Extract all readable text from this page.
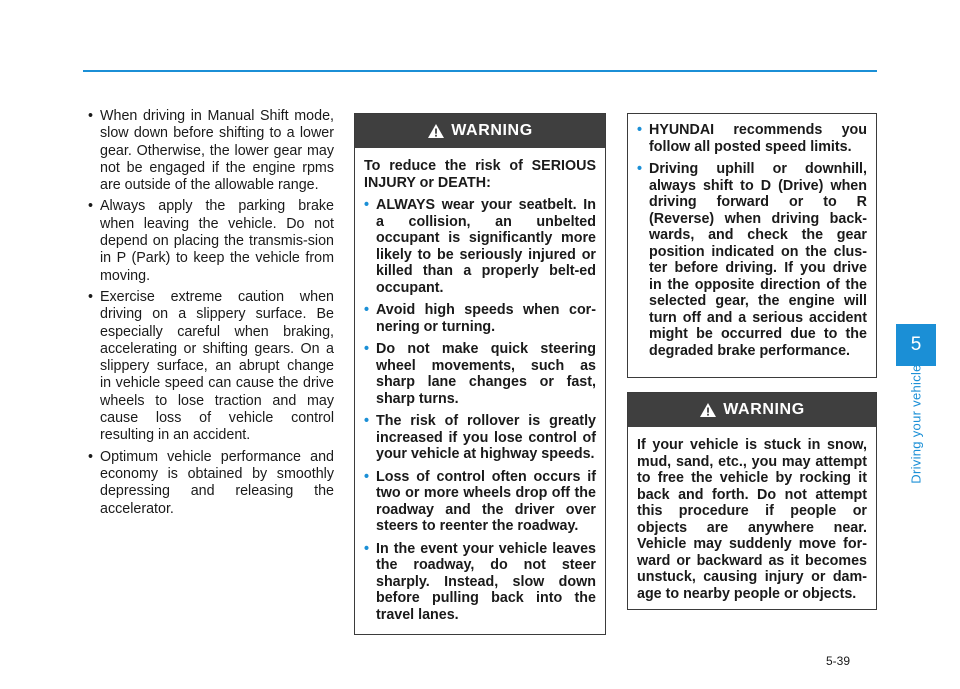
• When driving in Manual Shift mode, slow down before shifting to a lower gear. Otherwise, the lower gear may not be engaged if the engine rpms are outside of the allowable range.
• Always apply the parking brake when leaving the vehicle. Do not depend on placing the transmis-sion in P (Park) to keep the vehicle from moving.
• Exercise extreme caution when driving on a slippery surface. Be especially careful when braking, accelerating or shifting gears. On a slippery surface, an abrupt change in vehicle speed can cause the drive wheels to lose traction and may cause loss of vehicle control resulting in an accident.
• Optimum vehicle performance and economy is obtained by smoothly depressing and releasing the accelerator.
WARNING

To reduce the risk of SERIOUS INJURY or DEATH:

• ALWAYS wear your seatbelt. In a collision, an unbelted occupant is significantly more likely to be seriously injured or killed than a properly belt-ed occupant.
• Avoid high speeds when cor-nering or turning.
• Do not make quick steering wheel movements, such as sharp lane changes or fast, sharp turns.
• The risk of rollover is greatly increased if you lose control of your vehicle at highway speeds.
• Loss of control often occurs if two or more wheels drop off the roadway and the driver over steers to reenter the roadway.
• In the event your vehicle leaves the roadway, do not steer sharply. Instead, slow down before pulling back into the travel lanes.
• HYUNDAI recommends you follow all posted speed limits.
• Driving uphill or downhill, always shift to D (Drive) when driving forward or to R (Reverse) when driving back-wards, and check the gear position indicated on the clus-ter before driving. If you drive in the opposite direction of the selected gear, the engine will turn off and a serious accident might be occurred due to the degraded brake performance.
WARNING

If your vehicle is stuck in snow, mud, sand, etc., you may attempt to free the vehicle by rocking it back and forth. Do not attempt this procedure if people or objects are anywhere near. Vehicle may suddenly move for-ward or backward as it becomes unstuck, causing injury or dam-age to nearby people or objects.

5
Driving your vehicle
5-39
